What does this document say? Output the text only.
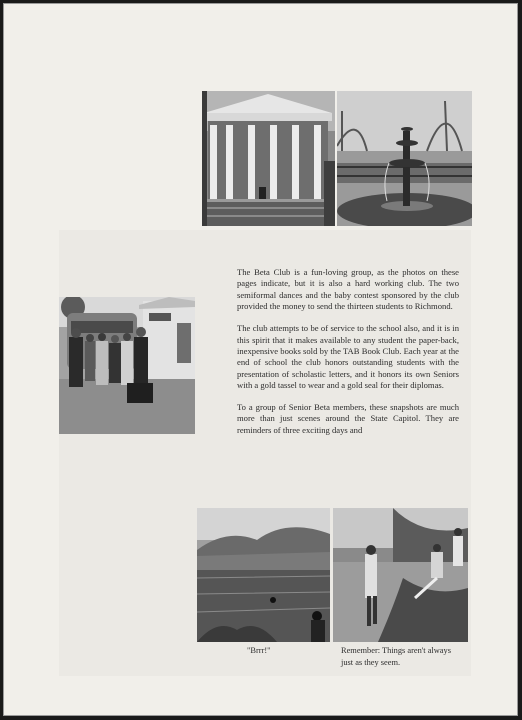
The Beta Club is a fun-loving group, as the photos on these pages indicate, but it is also a hard working club. The two semiformal dances and the baby contest sponsored by the club provided the money to send the thirteen students to Richmond.

The club attempts to be of service to the school also, and it is in this spirit that it makes available to any student the paper-back, inexpensive books sold by the TAB Book Club. Each year at the end of school the club honors outstanding students with the presentation of scholastic letters, and it honors its own Seniors with a gold tassel to wear and a gold seal for their diplomas.

To a group of Senior Beta members, these snapshots are much more than just scenes around the State Capitol. They are reminders of three exciting days and

"Brrr!"	Remember: Things aren't always just as they seem.
